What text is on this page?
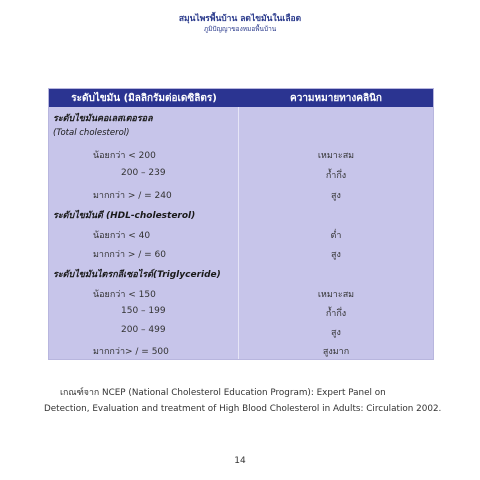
สมุนไพรพื้นบ้าน ลดไขมันในเลือด
ภูมิปัญญาของหมอพื้นบ้าน
ระดับไขมัน (มิลลิกรัมต่อเดซิลิตร)	ความหมายทางคลินิก
ระดับไขมันคอเลสเตอรอล
(Total cholesterol)
น้อยกว่า < 200	เหมาะสม
200 – 239	ก้ำกึ่ง
มากกว่า > / = 240	สูง
ระดับไขมันดี (HDL-cholesterol)
น้อยกว่า < 40	ต่ำ
มากกว่า > / = 60	สูง
ระดับไขมันไตรกลีเซอไรด์(Triglyceride)
น้อยกว่า < 150	เหมาะสม
150 – 199	ก้ำกึ่ง
200 – 499	สูง
มากกว่า> / = 500	สูงมาก
เกณฑ์จาก NCEP (National Cholesterol Education Program): Expert Panel on
Detection, Evaluation and treatment of High Blood Cholesterol in Adults: Circulation 2002.
14
